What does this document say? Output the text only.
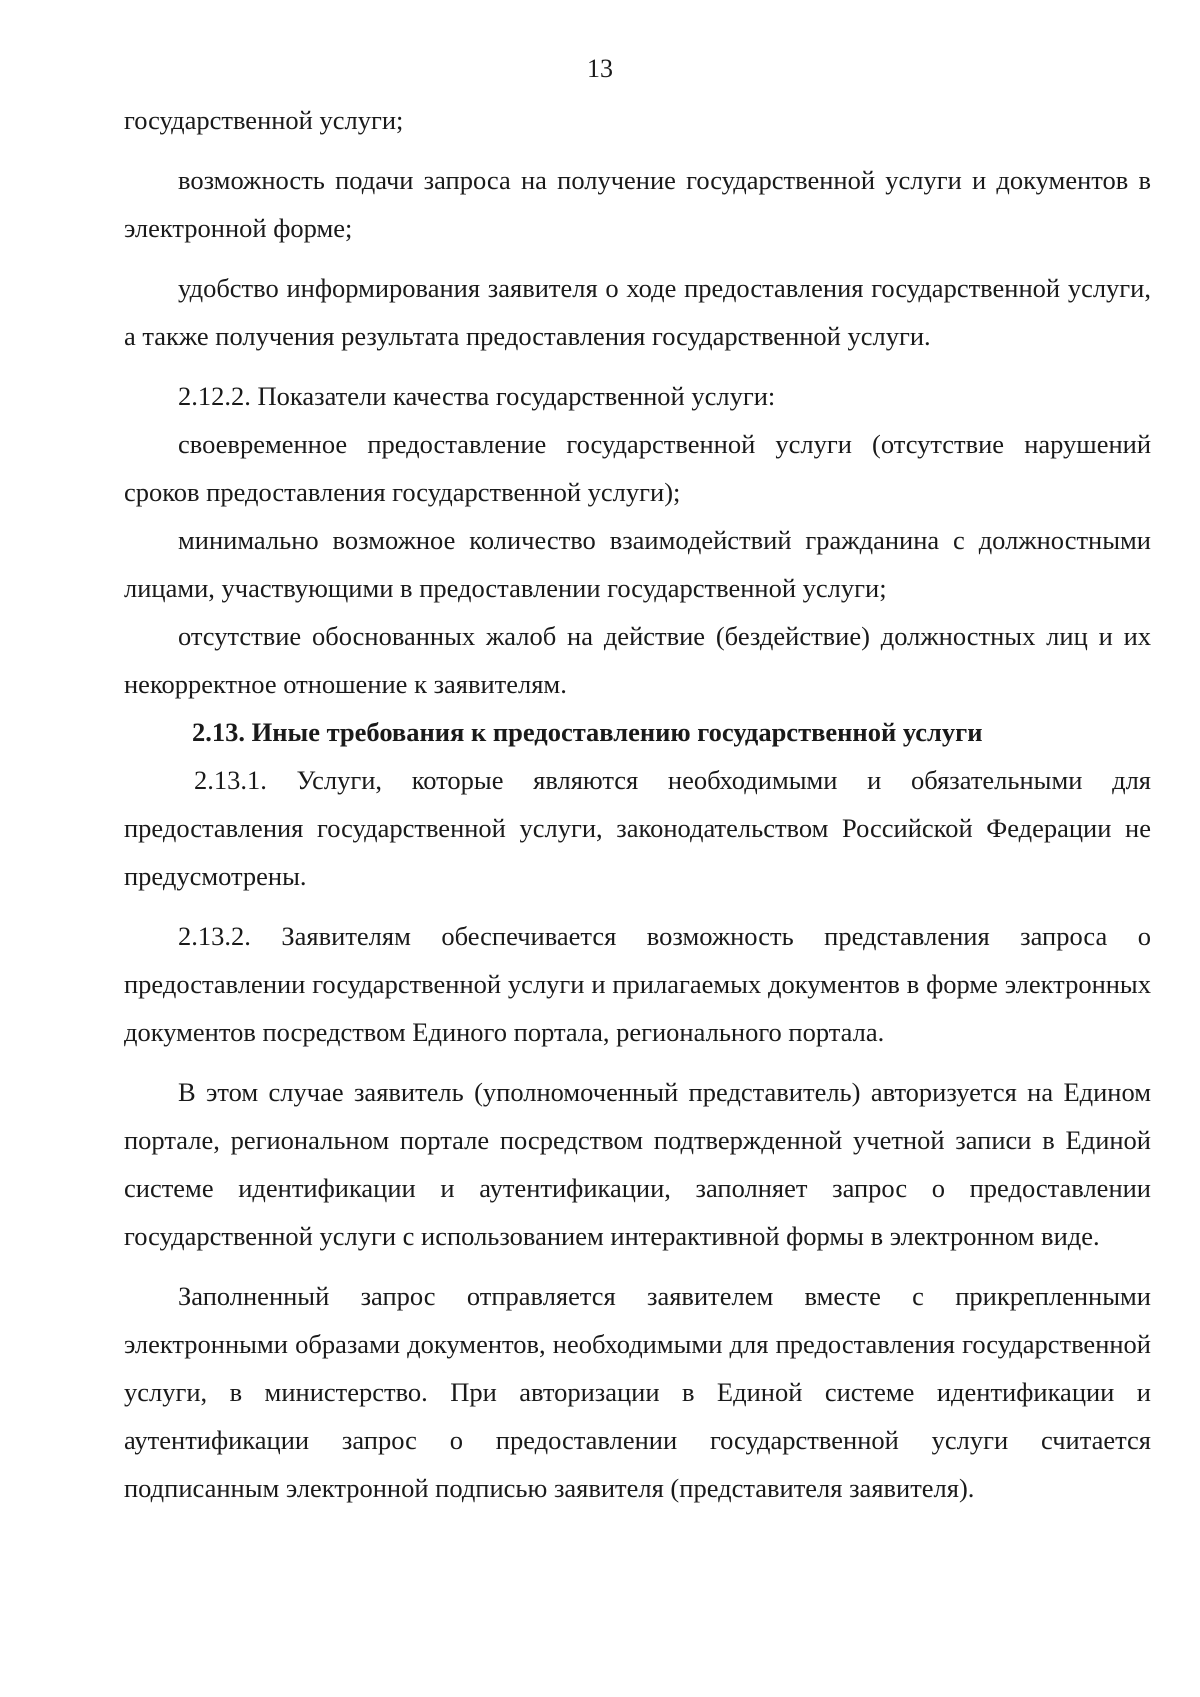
13

государственной услуги;

возможность подачи запроса на получение государственной услуги и документов в электронной форме;

удобство информирования заявителя о ходе предоставления государственной услуги, а также получения результата предоставления государственной услуги.

2.12.2. Показатели качества государственной услуги:

своевременное предоставление государственной услуги (отсутствие нарушений сроков предоставления государственной услуги);

минимально возможное количество взаимодействий гражданина с должностными лицами, участвующими в предоставлении государственной услуги;

отсутствие обоснованных жалоб на действие (бездействие) должностных лиц и их некорректное отношение к заявителям.

2.13. Иные требования к предоставлению государственной услуги

2.13.1. Услуги, которые являются необходимыми и обязательными для предоставления государственной услуги, законодательством Российской Федерации не предусмотрены.

2.13.2. Заявителям обеспечивается возможность представления запроса о предоставлении государственной услуги и прилагаемых документов в форме электронных документов посредством Единого портала, регионального портала.

В этом случае заявитель (уполномоченный представитель) авторизуется на Едином портале, региональном портале посредством подтвержденной учетной записи в Единой системе идентификации и аутентификации, заполняет запрос о предоставлении государственной услуги с использованием интерактивной формы в электронном виде.

Заполненный запрос отправляется заявителем вместе с прикрепленными электронными образами документов, необходимыми для предоставления государственной услуги, в министерство. При авторизации в Единой системе идентификации и аутентификации запрос о предоставлении государственной услуги считается подписанным электронной подписью заявителя (представителя заявителя).
